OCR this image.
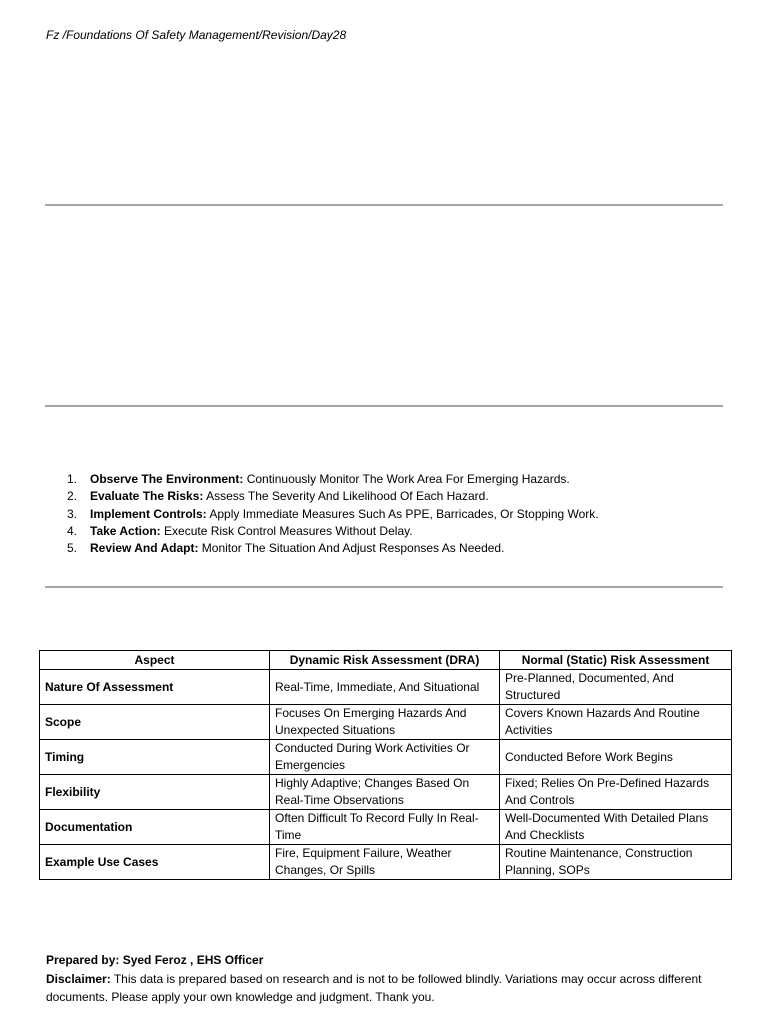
Fz /Foundations Of Safety Management/Revision/Day28
1. Observe The Environment: Continuously Monitor The Work Area For Emerging Hazards.
2. Evaluate The Risks: Assess The Severity And Likelihood Of Each Hazard.
3. Implement Controls: Apply Immediate Measures Such As PPE, Barricades, Or Stopping Work.
4. Take Action: Execute Risk Control Measures Without Delay.
5. Review And Adapt: Monitor The Situation And Adjust Responses As Needed.
Aspect	Dynamic Risk Assessment (DRA)	Normal (Static) Risk Assessment
Nature Of Assessment	Real-Time, Immediate, And Situational	Pre-Planned, Documented, And Structured
Scope	Focuses On Emerging Hazards And Unexpected Situations	Covers Known Hazards And Routine Activities
Timing	Conducted During Work Activities Or Emergencies	Conducted Before Work Begins
Flexibility	Highly Adaptive; Changes Based On Real-Time Observations	Fixed; Relies On Pre-Defined Hazards And Controls
Documentation	Often Difficult To Record Fully In Real-Time	Well-Documented With Detailed Plans And Checklists
Example Use Cases	Fire, Equipment Failure, Weather Changes, Or Spills	Routine Maintenance, Construction Planning, SOPs
Prepared by: Syed Feroz , EHS Officer
Disclaimer: This data is prepared based on research and is not to be followed blindly. Variations may occur across different documents. Please apply your own knowledge and judgment. Thank you.
